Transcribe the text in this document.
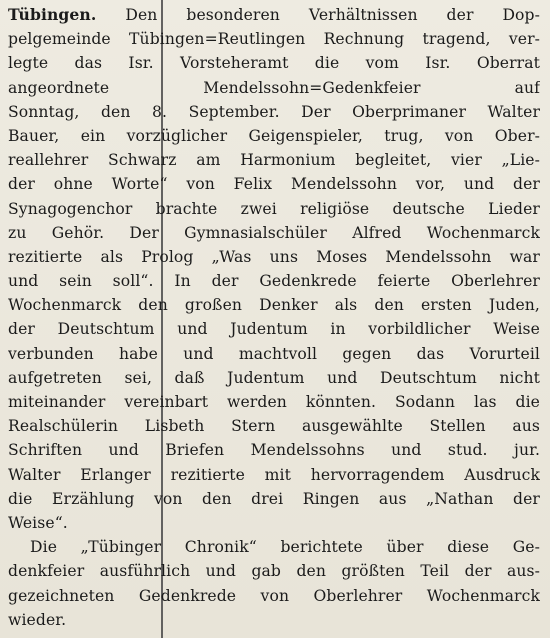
Tübingen. Den besonderen Verhältnissen der Dop-
pelgemeinde Tübingen=Reutlingen Rechnung tragend, ver-
legte das Isr. Vorsteheramt die vom Isr. Oberrat
angeordnete Mendelssohn=Gedenkfeier auf
Sonntag, den 8. September. Der Oberprimaner Walter
Bauer, ein vorzüglicher Geigenspieler, trug, von Ober-
reallehrer Schwarz am Harmonium begleitet, vier „Lie-
der ohne Worte“ von Felix Mendelssohn vor, und der
Synagogenchor brachte zwei religiöse deutsche Lieder
zu Gehör. Der Gymnasialschüler Alfred Wochenmarck
rezitierte als Prolog „Was uns Moses Mendelssohn war
und sein soll“. In der Gedenkrede feierte Oberlehrer
Wochenmarck den großen Denker als den ersten Juden,
der Deutschtum und Judentum in vorbildlicher Weise
verbunden habe und machtvoll gegen das Vorurteil
aufgetreten sei, daß Judentum und Deutschtum nicht
miteinander vereinbart werden könnten. Sodann las die
Realschülerin Lisbeth Stern ausgewählte Stellen aus
Schriften und Briefen Mendelssohns und stud. jur.
Walter Erlanger rezitierte mit hervorragendem Ausdruck
die Erzählung von den drei Ringen aus „Nathan der
Weise“.
Die „Tübinger Chronik“ berichtete über diese Ge-
denkfeier ausführlich und gab den größten Teil der aus-
gezeichneten Gedenkrede von Oberlehrer Wochenmarck
wieder.
